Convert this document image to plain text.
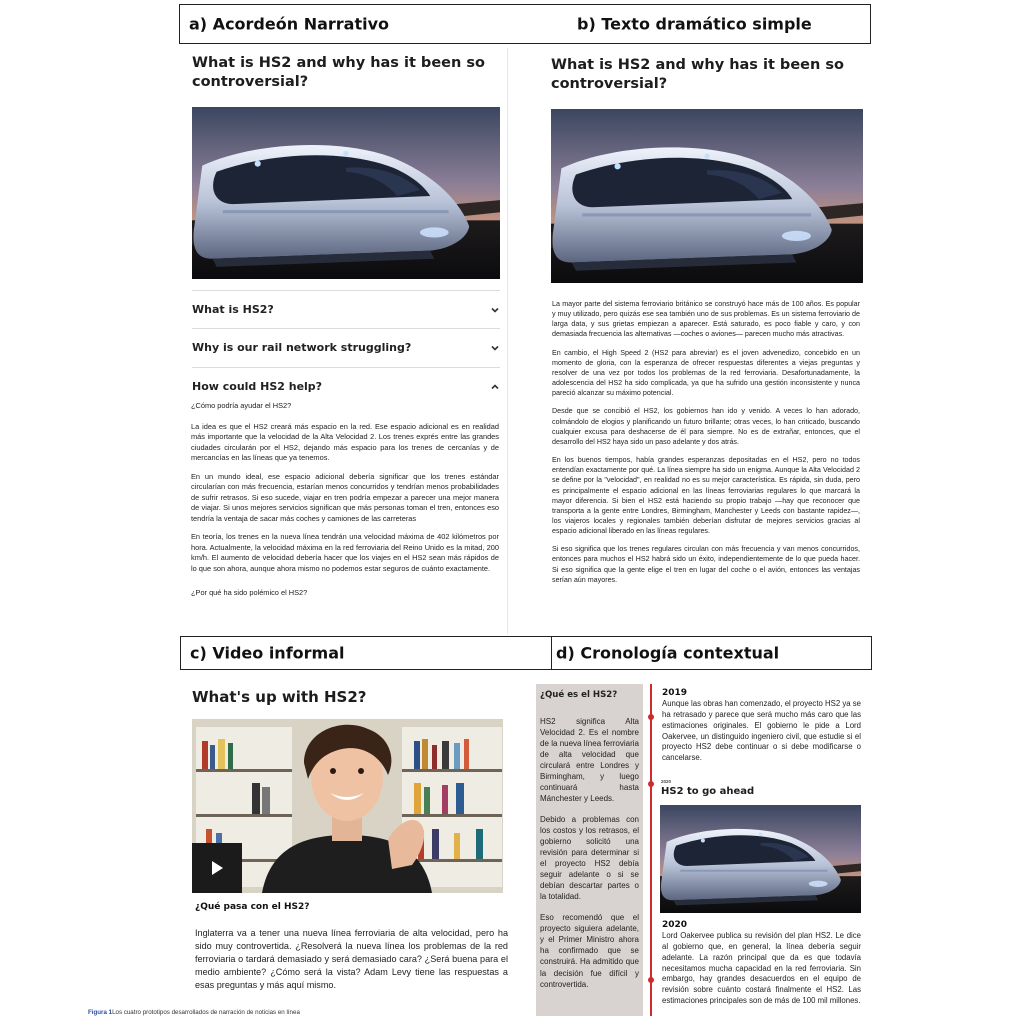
a) Acordeón Narrativo	b) Texto dramático simple
What is HS2 and why has it been so controversial?
What is HS2?
Why is our rail network struggling?
How could HS2 help?

¿Cómo podría ayudar el HS2?

La idea es que el HS2 creará más espacio en la red. Ese espacio adicional es en realidad más importante que la velocidad de la Alta Velocidad 2. Los trenes exprés entre las grandes ciudades circularán por el HS2, dejando más espacio para los trenes de cercanías y de mercancías en las líneas que ya tenemos.

En un mundo ideal, ese espacio adicional debería significar que los trenes estándar circularían con más frecuencia, estarían menos concurridos y tendrían menos probabilidades de sufrir retrasos. Si eso sucede, viajar en tren podría empezar a parecer una mejor manera de viajar. Si unos mejores servicios significan que más personas toman el tren, entonces eso tendría la ventaja de sacar más coches y camiones de las carreteras

En teoría, los trenes en la nueva línea tendrán una velocidad máxima de 402 kilómetros por hora. Actualmente, la velocidad máxima en la red ferroviaria del Reino Unido es la mitad, 200 km/h. El aumento de velocidad debería hacer que los viajes en el HS2 sean más rápidos de lo que son ahora, aunque ahora mismo no podemos estar seguros de cuánto exactamente.

¿Por qué ha sido polémico el HS2?

What is HS2 and why has it been so controversial?

La mayor parte del sistema ferroviario británico se construyó hace más de 100 años. Es popular y muy utilizado, pero quizás ese sea también uno de sus problemas. Es un sistema ferroviario de larga data, y sus grietas empiezan a aparecer. Está saturado, es poco fiable y caro, y con demasiada frecuencia las alternativas —coches o aviones— parecen mucho más atractivas.

En cambio, el High Speed 2 (HS2 para abreviar) es el joven advenedizo, concebido en un momento de gloria, con la esperanza de ofrecer respuestas diferentes a viejas preguntas y resolver de una vez por todos los problemas de la red ferroviaria. Desafortunadamente, la adolescencia del HS2 ha sido complicada, ya que ha sufrido una gestión inconsistente y nunca pareció alcanzar su máximo potencial.

Desde que se concibió el HS2, los gobiernos han ido y venido. A veces lo han adorado, colmándolo de elogios y planificando un futuro brillante; otras veces, lo han criticado, buscando cualquier excusa para deshacerse de él para siempre. No es de extrañar, entonces, que el desarrollo del HS2 haya sido un paso adelante y dos atrás.

En los buenos tiempos, había grandes esperanzas depositadas en el HS2, pero no todos entendían exactamente por qué. La línea siempre ha sido un enigma. Aunque la Alta Velocidad 2 se define por la "velocidad", en realidad no es su mejor característica. Es rápida, sin duda, pero es principalmente el espacio adicional en las líneas ferroviarias regulares lo que marcará la mayor diferencia. Si bien el HS2 está haciendo su propio trabajo —hay que reconocer que transporta a la gente entre Londres, Birmingham, Manchester y Leeds con bastante rapidez—, los viajeros locales y regionales también deberían disfrutar de mejores servicios gracias al espacio adicional liberado en las líneas regulares.

Si eso significa que los trenes regulares circulan con más frecuencia y van menos concurridos, entonces para muchos el HS2 habrá sido un éxito, independientemente de lo que pueda hacer. Si eso significa que la gente elige el tren en lugar del coche o el avión, entonces las ventajas serían aún mayores.

c) Video informal	d) Cronología contextual
What's up with HS2?
¿Qué pasa con el HS2?
Inglaterra va a tener una nueva línea ferroviaria de alta velocidad, pero ha sido muy controvertida. ¿Resolverá la nueva línea los problemas de la red ferroviaria o tardará demasiado y será demasiado cara? ¿Será buena para el medio ambiente? ¿Cómo será la vista? Adam Levy tiene las respuestas a esas preguntas y más aquí mismo.
¿Qué es el HS2?

HS2 significa Alta Velocidad 2. Es el nombre de la nueva línea ferroviaria de alta velocidad que circulará entre Londres y Birmingham, y luego continuará hasta Mánchester y Leeds.

Debido a problemas con los costos y los retrasos, el gobierno solicitó una revisión para determinar si el proyecto HS2 debía seguir adelante o si se debían descartar partes o la totalidad.

Eso recomendó que el proyecto siguiera adelante, y el Primer Ministro ahora ha confirmado que se construirá. Ha admitido que la decisión fue difícil y controvertida.

2019
Aunque las obras han comenzado, el proyecto HS2 ya se ha retrasado y parece que será mucho más caro que las estimaciones originales. El gobierno le pide a Lord Oakervee, un distinguido ingeniero civil, que estudie si el proyecto HS2 debe continuar o si debe modificarse o cancelarse.
2020
HS2 to go ahead
2020
Lord Oakervee publica su revisión del plan HS2. Le dice al gobierno que, en general, la línea debería seguir adelante. La razón principal que da es que todavía necesitamos mucha capacidad en la red ferroviaria. Sin embargo, hay grandes desacuerdos en el equipo de revisión sobre cuánto costará finalmente el HS2. Las estimaciones principales son de más de 100 mil millones.
Figura 1Los cuatro prototipos desarrollados de narración de noticias en línea
